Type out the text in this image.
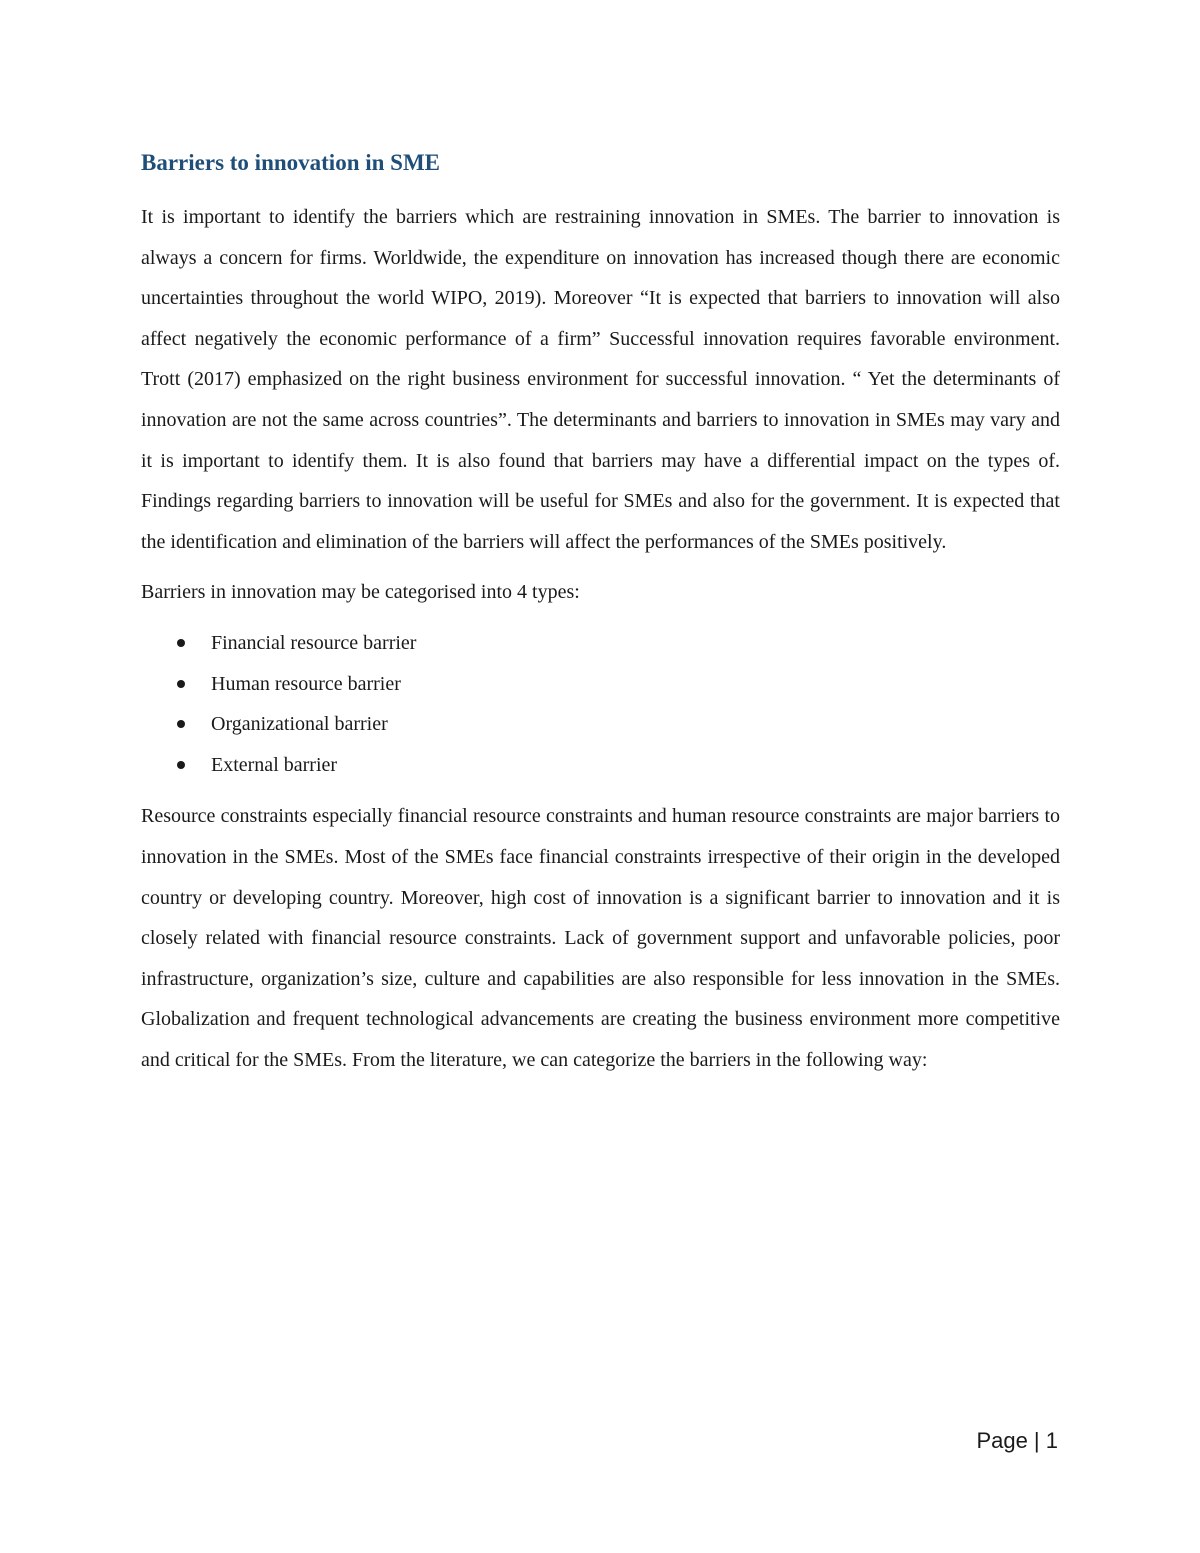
Barriers to innovation in SME

It is important to identify the barriers which are restraining innovation in SMEs. The barrier to innovation is always a concern for firms. Worldwide, the expenditure on innovation has increased though there are economic uncertainties throughout the world WIPO, 2019). Moreover “It is expected that barriers to innovation will also affect negatively the economic performance of a firm” Successful innovation requires favorable environment. Trott (2017) emphasized on the right business environment for successful innovation. “ Yet the determinants of innovation are not the same across countries”. The determinants and barriers to innovation in SMEs may vary and it is important to identify them. It is also found that barriers may have a differential impact on the types of. Findings regarding barriers to innovation will be useful for SMEs and also for the government. It is expected that the identification and elimination of the barriers will affect the performances of the SMEs positively.

Barriers in innovation may be categorised into 4 types:

Financial resource barrier
Human resource barrier
Organizational barrier
External barrier

Resource constraints especially financial resource constraints and human resource constraints are major barriers to innovation in the SMEs. Most of the SMEs face financial constraints irrespective of their origin in the developed country or developing country. Moreover, high cost of innovation is a significant barrier to innovation and it is closely related with financial resource constraints. Lack of government support and unfavorable policies, poor infrastructure, organization’s size, culture and capabilities are also responsible for less innovation in the SMEs. Globalization and frequent technological advancements are creating the business environment more competitive and critical for the SMEs. From the literature, we can categorize the barriers in the following way:

Page | 1
